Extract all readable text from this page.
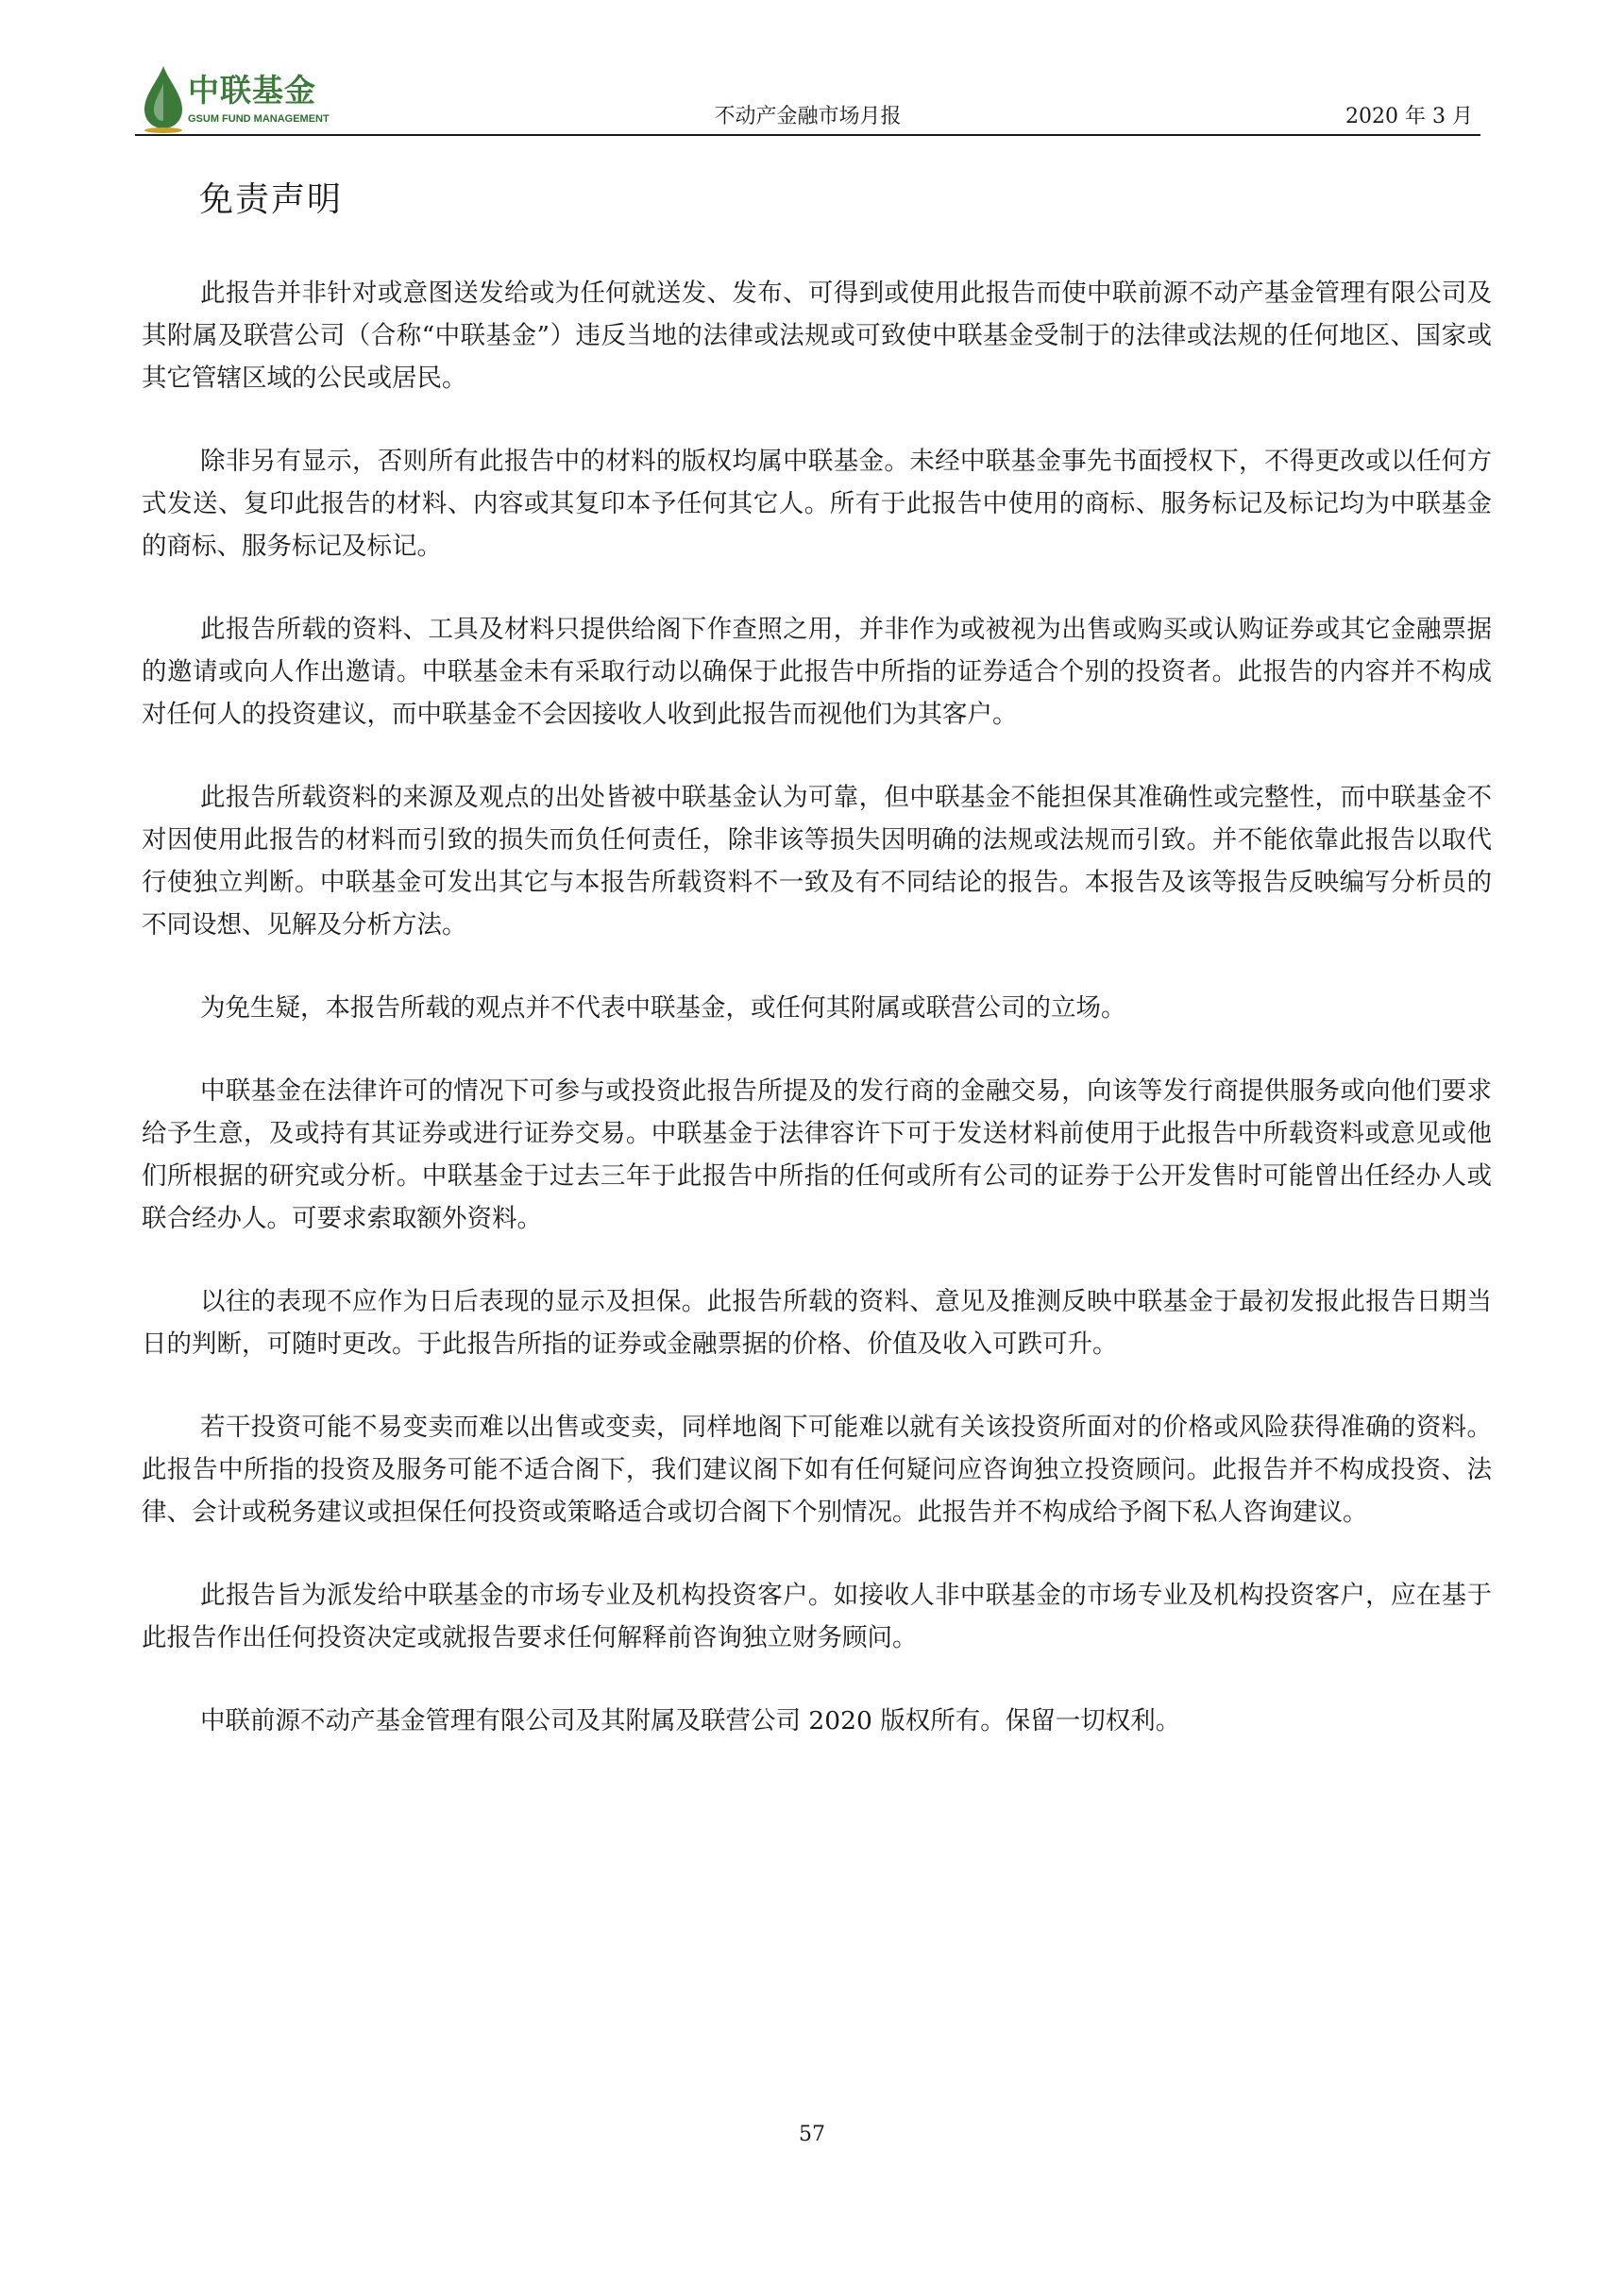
中联基金
GSUM FUND MANAGEMENT	不动产金融市场月报	2020 年 3 月
免责声明

此报告并非针对或意图送发给或为任何就送发、发布、可得到或使用此报告而使中联前源不动产基金管理有限公司及其附属及联营公司（合称“中联基金”）违反当地的法律或法规或可致使中联基金受制于的法律或法规的任何地区、国家或其它管辖区域的公民或居民。

除非另有显示，否则所有此报告中的材料的版权均属中联基金。未经中联基金事先书面授权下，不得更改或以任何方式发送、复印此报告的材料、内容或其复印本予任何其它人。所有于此报告中使用的商标、服务标记及标记均为中联基金的商标、服务标记及标记。

此报告所载的资料、工具及材料只提供给阁下作查照之用，并非作为或被视为出售或购买或认购证券或其它金融票据的邀请或向人作出邀请。中联基金未有采取行动以确保于此报告中所指的证券适合个别的投资者。此报告的内容并不构成对任何人的投资建议，而中联基金不会因接收人收到此报告而视他们为其客户。

此报告所载资料的来源及观点的出处皆被中联基金认为可靠，但中联基金不能担保其准确性或完整性，而中联基金不对因使用此报告的材料而引致的损失而负任何责任，除非该等损失因明确的法规或法规而引致。并不能依靠此报告以取代行使独立判断。中联基金可发出其它与本报告所载资料不一致及有不同结论的报告。本报告及该等报告反映编写分析员的不同设想、见解及分析方法。

为免生疑，本报告所载的观点并不代表中联基金，或任何其附属或联营公司的立场。

中联基金在法律许可的情况下可参与或投资此报告所提及的发行商的金融交易，向该等发行商提供服务或向他们要求给予生意，及或持有其证券或进行证券交易。中联基金于法律容许下可于发送材料前使用于此报告中所载资料或意见或他们所根据的研究或分析。中联基金于过去三年于此报告中所指的任何或所有公司的证券于公开发售时可能曾出任经办人或联合经办人。可要求索取额外资料。

以往的表现不应作为日后表现的显示及担保。此报告所载的资料、意见及推测反映中联基金于最初发报此报告日期当日的判断，可随时更改。于此报告所指的证券或金融票据的价格、价值及收入可跌可升。

若干投资可能不易变卖而难以出售或变卖，同样地阁下可能难以就有关该投资所面对的价格或风险获得准确的资料。此报告中所指的投资及服务可能不适合阁下，我们建议阁下如有任何疑问应咨询独立投资顾问。此报告并不构成投资、法律、会计或税务建议或担保任何投资或策略适合或切合阁下个别情况。此报告并不构成给予阁下私人咨询建议。

此报告旨为派发给中联基金的市场专业及机构投资客户。如接收人非中联基金的市场专业及机构投资客户，应在基于此报告作出任何投资决定或就报告要求任何解释前咨询独立财务顾问。

中联前源不动产基金管理有限公司及其附属及联营公司 2020 版权所有。保留一切权利。

57
